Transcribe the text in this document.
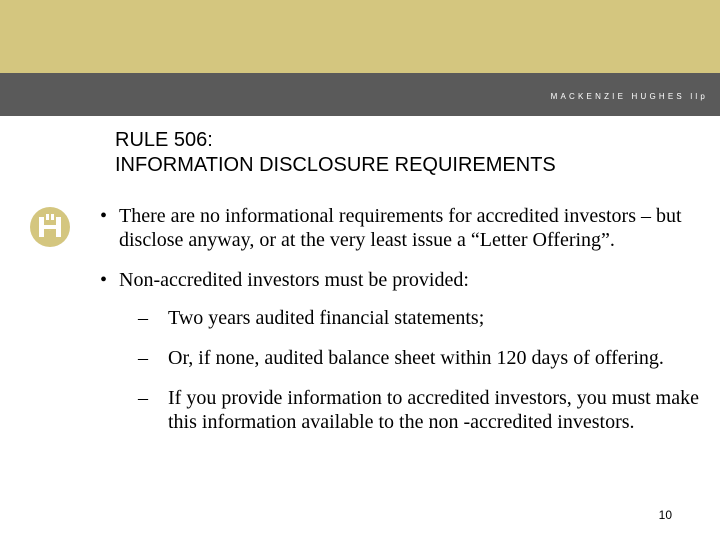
MACKENZIE HUGHES llp
RULE 506:
INFORMATION DISCLOSURE REQUIREMENTS
H
• There are no informational requirements for accredited investors – but disclose anyway, or at the very least issue a “Letter Offering”.
• Non-accredited investors must be provided:
– Two years audited financial statements;
– Or, if none, audited balance sheet within 120 days of offering.
– If you provide information to accredited investors, you must make this information available to the non -accredited investors.
10
